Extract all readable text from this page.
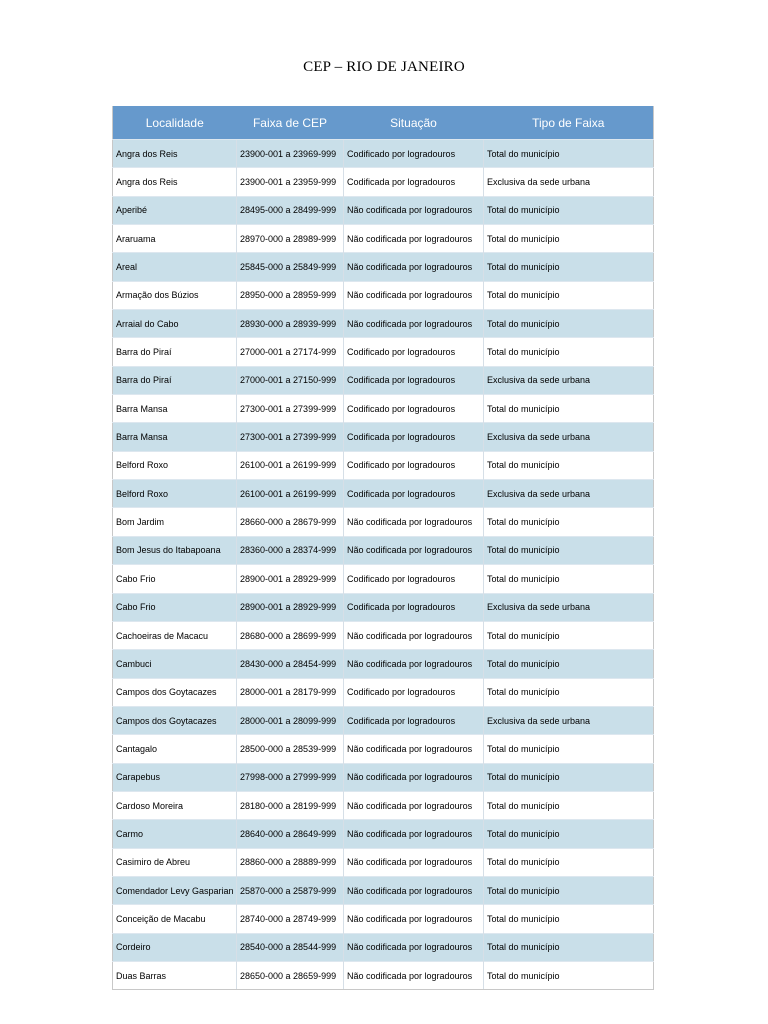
CEP – RIO DE JANEIRO
Localidade	Faixa de CEP	Situação	Tipo de Faixa
Angra dos Reis	23900-001 a 23969-999	Codificado por logradouros	Total do município
Angra dos Reis	23900-001 a 23959-999	Codificada por logradouros	Exclusiva da sede urbana
Aperibé	28495-000 a 28499-999	Não codificada por logradouros	Total do município
Araruama	28970-000 a 28989-999	Não codificada por logradouros	Total do município
Areal	25845-000 a 25849-999	Não codificada por logradouros	Total do município
Armação dos Búzios	28950-000 a 28959-999	Não codificada por logradouros	Total do município
Arraial do Cabo	28930-000 a 28939-999	Não codificada por logradouros	Total do município
Barra do Piraí	27000-001 a 27174-999	Codificado por logradouros	Total do município
Barra do Piraí	27000-001 a 27150-999	Codificada por logradouros	Exclusiva da sede urbana
Barra Mansa	27300-001 a 27399-999	Codificado por logradouros	Total do município
Barra Mansa	27300-001 a 27399-999	Codificada por logradouros	Exclusiva da sede urbana
Belford Roxo	26100-001 a 26199-999	Codificado por logradouros	Total do município
Belford Roxo	26100-001 a 26199-999	Codificada por logradouros	Exclusiva da sede urbana
Bom Jardim	28660-000 a 28679-999	Não codificada por logradouros	Total do município
Bom Jesus do Itabapoana	28360-000 a 28374-999	Não codificada por logradouros	Total do município
Cabo Frio	28900-001 a 28929-999	Codificado por logradouros	Total do município
Cabo Frio	28900-001 a 28929-999	Codificada por logradouros	Exclusiva da sede urbana
Cachoeiras de Macacu	28680-000 a 28699-999	Não codificada por logradouros	Total do município
Cambuci	28430-000 a 28454-999	Não codificada por logradouros	Total do município
Campos dos Goytacazes	28000-001 a 28179-999	Codificado por logradouros	Total do município
Campos dos Goytacazes	28000-001 a 28099-999	Codificada por logradouros	Exclusiva da sede urbana
Cantagalo	28500-000 a 28539-999	Não codificada por logradouros	Total do município
Carapebus	27998-000 a 27999-999	Não codificada por logradouros	Total do município
Cardoso Moreira	28180-000 a 28199-999	Não codificada por logradouros	Total do município
Carmo	28640-000 a 28649-999	Não codificada por logradouros	Total do município
Casimiro de Abreu	28860-000 a 28889-999	Não codificada por logradouros	Total do município
Comendador Levy Gasparian	25870-000 a 25879-999	Não codificada por logradouros	Total do município
Conceição de Macabu	28740-000 a 28749-999	Não codificada por logradouros	Total do município
Cordeiro	28540-000 a 28544-999	Não codificada por logradouros	Total do município
Duas Barras	28650-000 a 28659-999	Não codificada por logradouros	Total do município
